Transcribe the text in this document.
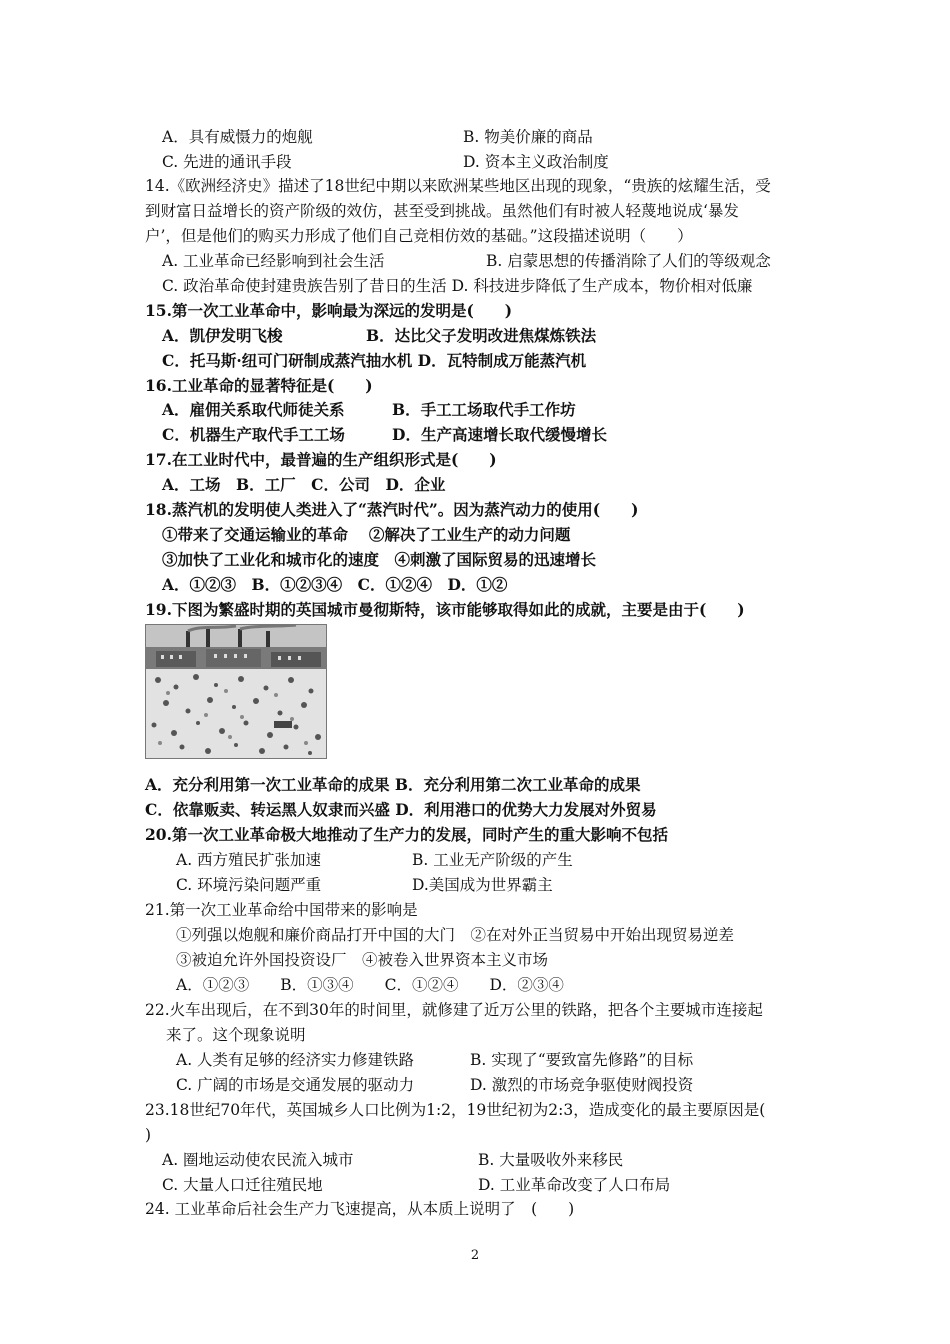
A．具有威慑力的炮舰	B. 物美价廉的商品
C. 先进的通讯手段	D. 资本主义政治制度
14.《欧洲经济史》描述了18世纪中期以来欧洲某些地区出现的现象，“贵族的炫耀生活，受
到财富日益增长的资产阶级的效仿，甚至受到挑战。虽然他们有时被人轻蔑地说成‘暴发
户’，但是他们的购买力形成了他们自己竞相仿效的基础。”这段描述说明（　　）
A. 工业革命已经影响到社会生活	B. 启蒙思想的传播消除了人们的等级观念
C. 政治革命使封建贵族告别了昔日的生活 D. 科技进步降低了生产成本，物价相对低廉
15.第一次工业革命中，影响最为深远的发明是(　　)
A．凯伊发明飞梭	B．达比父子发明改进焦煤炼铁法
C．托马斯·纽可门研制成蒸汽抽水机 D．瓦特制成万能蒸汽机
16.工业革命的显著特征是(　　)
A．雇佣关系取代师徒关系	B．手工工场取代手工作坊
C．机器生产取代手工工场	D．生产高速增长取代缓慢增长
17.在工业时代中，最普遍的生产组织形式是(　　)
A．工场　B．工厂　C．公司　D．企业
18.蒸汽机的发明使人类进入了“蒸汽时代”。因为蒸汽动力的使用(　　)
①带来了交通运输业的革命　 ②解决了工业生产的动力问题
③加快了工业化和城市化的速度　④刺激了国际贸易的迅速增长
A．①②③　B．①②③④　C．①②④　D．①②
19.下图为繁盛时期的英国城市曼彻斯特，该市能够取得如此的成就，主要是由于(　　)
A．充分利用第一次工业革命的成果 B．充分利用第二次工业革命的成果
C．依靠贩卖、转运黑人奴隶而兴盛 D．利用港口的优势大力发展对外贸易
20.第一次工业革命极大地推动了生产力的发展，同时产生的重大影响不包括
A. 西方殖民扩张加速	B. 工业无产阶级的产生
C. 环境污染问题严重	D.美国成为世界霸主
21.第一次工业革命给中国带来的影响是
①列强以炮舰和廉价商品打开中国的大门　②在对外正当贸易中开始出现贸易逆差
③被迫允许外国投资设厂　④被卷入世界资本主义市场
A．①②③　　B．①③④　　C．①②④　　D．②③④
22.火车出现后，在不到30年的时间里，就修建了近万公里的铁路，把各个主要城市连接起
来了。这个现象说明
A. 人类有足够的经济实力修建铁路	B. 实现了“要致富先修路”的目标
C. 广阔的市场是交通发展的驱动力	D. 激烈的市场竞争驱使财阀投资
23.18世纪70年代，英国城乡人口比例为1:2，19世纪初为2:3，造成变化的最主要原因是(
)
A. 圈地运动使农民流入城市	B. 大量吸收外来移民
C. 大量人口迁往殖民地	D. 工业革命改变了人口布局
24. 工业革命后社会生产力飞速提高，从本质上说明了　(　　)
2
